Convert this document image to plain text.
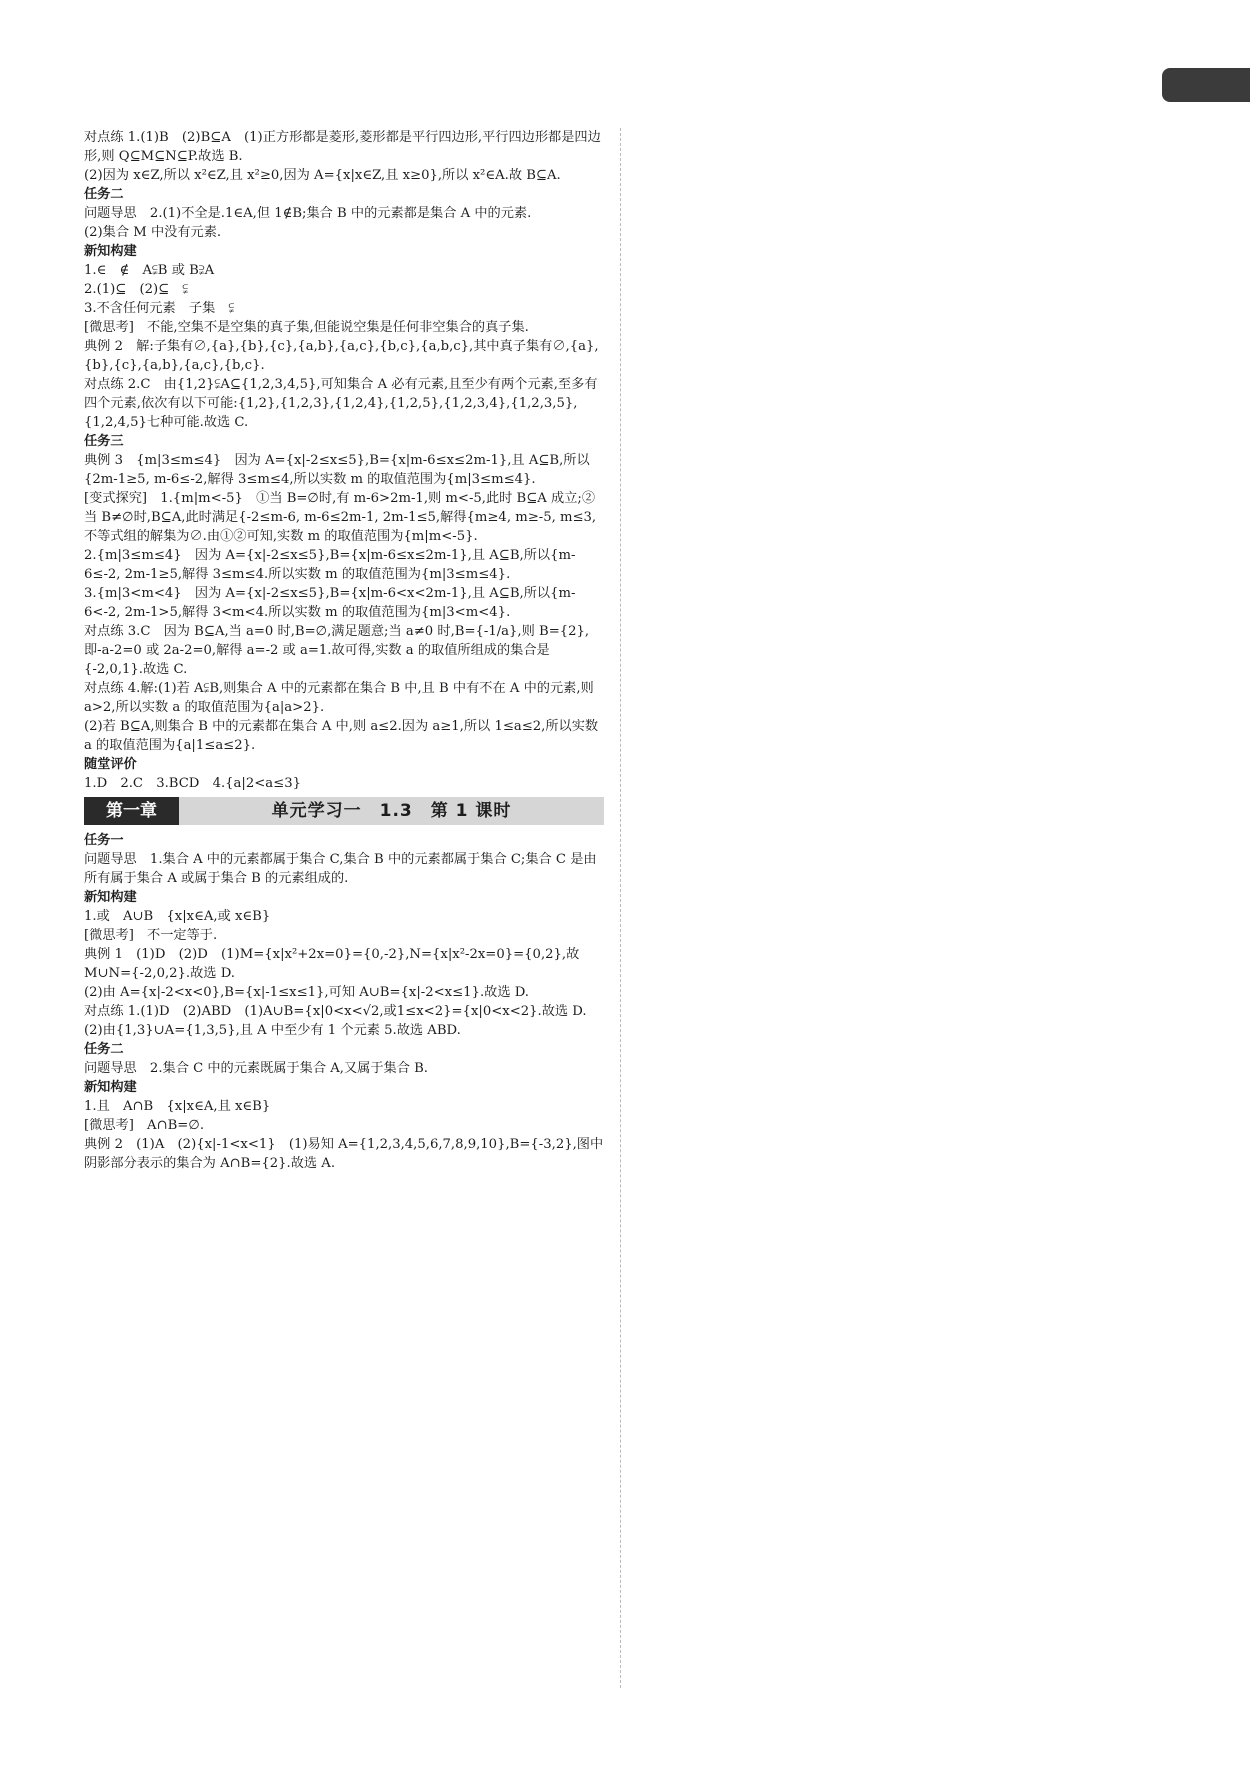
对点练 1.(1)B　(2)B⊆A　(1)正方形都是菱形,菱形都是平行四边形,平行四边形都是四边形,则 Q⊆M⊆N⊆P.故选 B.

(2)因为 x∈Z,所以 x²∈Z,且 x²≥0,因为 A={x|x∈Z,且 x≥0},所以 x²∈A.故 B⊆A.

任务二

问题导思　2.(1)不全是.1∈A,但 1∉B;集合 B 中的元素都是集合 A 中的元素.

(2)集合 M 中没有元素.

新知构建

1.∈　∉　A⫋B 或 B⫌A

2.(1)⊆　(2)⊆　⫋

3.不含任何元素　子集　⫋

[微思考]　不能,空集不是空集的真子集,但能说空集是任何非空集合的真子集.

典例 2　解:子集有∅,{a},{b},{c},{a,b},{a,c},{b,c},{a,b,c},其中真子集有∅,{a},{b},{c},{a,b},{a,c},{b,c}.

对点练 2.C　由{1,2}⫋A⊆{1,2,3,4,5},可知集合 A 必有元素,且至少有两个元素,至多有四个元素,依次有以下可能:{1,2},{1,2,3},{1,2,4},{1,2,5},{1,2,3,4},{1,2,3,5},{1,2,4,5}七种可能.故选 C.

任务三

典例 3　{m|3≤m≤4}　因为 A={x|-2≤x≤5},B={x|m-6≤x≤2m-1},且 A⊆B,所以{2m-1≥5, m-6≤-2,解得 3≤m≤4,所以实数 m 的取值范围为{m|3≤m≤4}.

[变式探究]　1.{m|m<-5}　①当 B=∅时,有 m-6>2m-1,则 m<-5,此时 B⊆A 成立;②当 B≠∅时,B⊆A,此时满足{-2≤m-6, m-6≤2m-1, 2m-1≤5,解得{m≥4, m≥-5, m≤3,不等式组的解集为∅.由①②可知,实数 m 的取值范围为{m|m<-5}.

2.{m|3≤m≤4}　因为 A={x|-2≤x≤5},B={x|m-6≤x≤2m-1},且 A⊆B,所以{m-6≤-2, 2m-1≥5,解得 3≤m≤4.所以实数 m 的取值范围为{m|3≤m≤4}.

3.{m|3<m<4}　因为 A={x|-2≤x≤5},B={x|m-6<x<2m-1},且 A⊆B,所以{m-6<-2, 2m-1>5,解得 3<m<4.所以实数 m 的取值范围为{m|3<m<4}.

对点练 3.C　因为 B⊆A,当 a=0 时,B=∅,满足题意;当 a≠0 时,B={-1/a},则 B={2},即-a-2=0 或 2a-2=0,解得 a=-2 或 a=1.故可得,实数 a 的取值所组成的集合是{-2,0,1}.故选 C.

对点练 4.解:(1)若 A⫋B,则集合 A 中的元素都在集合 B 中,且 B 中有不在 A 中的元素,则 a>2,所以实数 a 的取值范围为{a|a>2}.

(2)若 B⊆A,则集合 B 中的元素都在集合 A 中,则 a≤2.因为 a≥1,所以 1≤a≤2,所以实数 a 的取值范围为{a|1≤a≤2}.

随堂评价

1.D　2.C　3.BCD　4.{a|2<a≤3}

第一章	单元学习一　1.3　第 1 课时

任务一

问题导思　1.集合 A 中的元素都属于集合 C,集合 B 中的元素都属于集合 C;集合 C 是由所有属于集合 A 或属于集合 B 的元素组成的.

新知构建

1.或　A∪B　{x|x∈A,或 x∈B}

[微思考]　不一定等于.

典例 1　(1)D　(2)D　(1)M={x|x²+2x=0}={0,-2},N={x|x²-2x=0}={0,2},故 M∪N={-2,0,2}.故选 D.

(2)由 A={x|-2<x<0},B={x|-1≤x≤1},可知 A∪B={x|-2<x≤1}.故选 D.

对点练 1.(1)D　(2)ABD　(1)A∪B={x|0<x<√2,或1≤x<2}={x|0<x<2}.故选 D.

(2)由{1,3}∪A={1,3,5},且 A 中至少有 1 个元素 5.故选 ABD.

任务二

问题导思　2.集合 C 中的元素既属于集合 A,又属于集合 B.

新知构建

1.且　A∩B　{x|x∈A,且 x∈B}

[微思考]　A∩B=∅.

典例 2　(1)A　(2){x|-1<x<1}　(1)易知 A={1,2,3,4,5,6,7,8,9,10},B={-3,2},图中阴影部分表示的集合为 A∩B={2}.故选 A.
